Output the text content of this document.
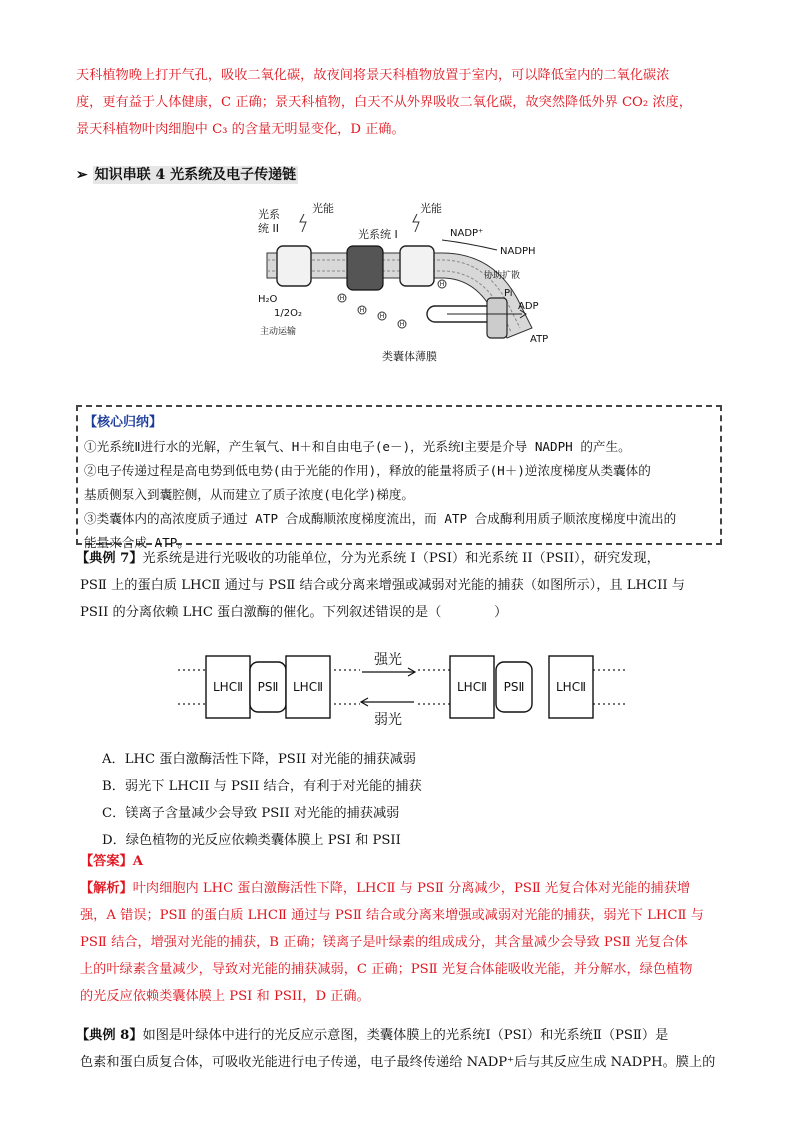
天科植物晚上打开气孔，吸收二氧化碳，故夜间将景天科植物放置于室内，可以降低室内的二氧化碳浓
度，更有益于人体健康，C 正确；景天科植物，白天不从外界吸收二氧化碳，故突然降低外界 CO₂ 浓度，
景天科植物叶肉细胞中 C₃ 的含量无明显变化，D 正确。
➢ 知识串联 4 光系统及电子传递链
光系
统 II
光能	光能
光系统 I	NADP⁺
NADPH
协助扩散
Pi
ADP
ATP
H₂O
1/2O₂
主动运输
类囊体薄膜
H
H
H
H
H
【核心归纳】
①光系统Ⅱ进行水的光解，产生氧气、H＋和自由电子(e－)，光系统Ⅰ主要是介导 NADPH 的产生。
②电子传递过程是高电势到低电势(由于光能的作用)，释放的能量将质子(H＋)逆浓度梯度从类囊体的
基质侧泵入到囊腔侧，从而建立了质子浓度(电化学)梯度。
③类囊体内的高浓度质子通过 ATP 合成酶顺浓度梯度流出，而 ATP 合成酶利用质子顺浓度梯度中流出的
能量来合成 ATP。
【典例 7】光系统是进行光吸收的功能单位，分为光系统 I（PSI）和光系统 II（PSII），研究发现，
PSⅡ 上的蛋白质 LHCⅡ 通过与 PSⅡ 结合或分离来增强或减弱对光能的捕获（如图所示），且 LHCII 与
PSII 的分离依赖 LHC 蛋白激酶的催化。下列叙述错误的是（　　　　）
LHCⅡ PSⅡ LHCⅡ
强光
弱光
LHCⅡ PSⅡ	LHCⅡ
A．LHC 蛋白激酶活性下降，PSII 对光能的捕获减弱
B．弱光下 LHCII 与 PSII 结合，有利于对光能的捕获
C．镁离子含量减少会导致 PSII 对光能的捕获减弱
D．绿色植物的光反应依赖类囊体膜上 PSI 和 PSII
【答案】A
【解析】叶肉细胞内 LHC 蛋白激酶活性下降，LHCⅡ 与 PSⅡ 分离减少，PSⅡ 光复合体对光能的捕获增
强，A 错误；PSⅡ 的蛋白质 LHCⅡ 通过与 PSⅡ 结合或分离来增强或减弱对光能的捕获，弱光下 LHCⅡ 与
PSⅡ 结合，增强对光能的捕获，B 正确；镁离子是叶绿素的组成成分，其含量减少会导致 PSⅡ 光复合体
上的叶绿素含量减少，导致对光能的捕获减弱，C 正确；PSⅡ 光复合体能吸收光能，并分解水，绿色植物
的光反应依赖类囊体膜上 PSI 和 PSII，D 正确。
【典例 8】如图是叶绿体中进行的光反应示意图，类囊体膜上的光系统Ⅰ（PSⅠ）和光系统Ⅱ（PSⅡ）是
色素和蛋白质复合体，可吸收光能进行电子传递，电子最终传递给 NADP⁺后与其反应生成 NADPH。膜上的
